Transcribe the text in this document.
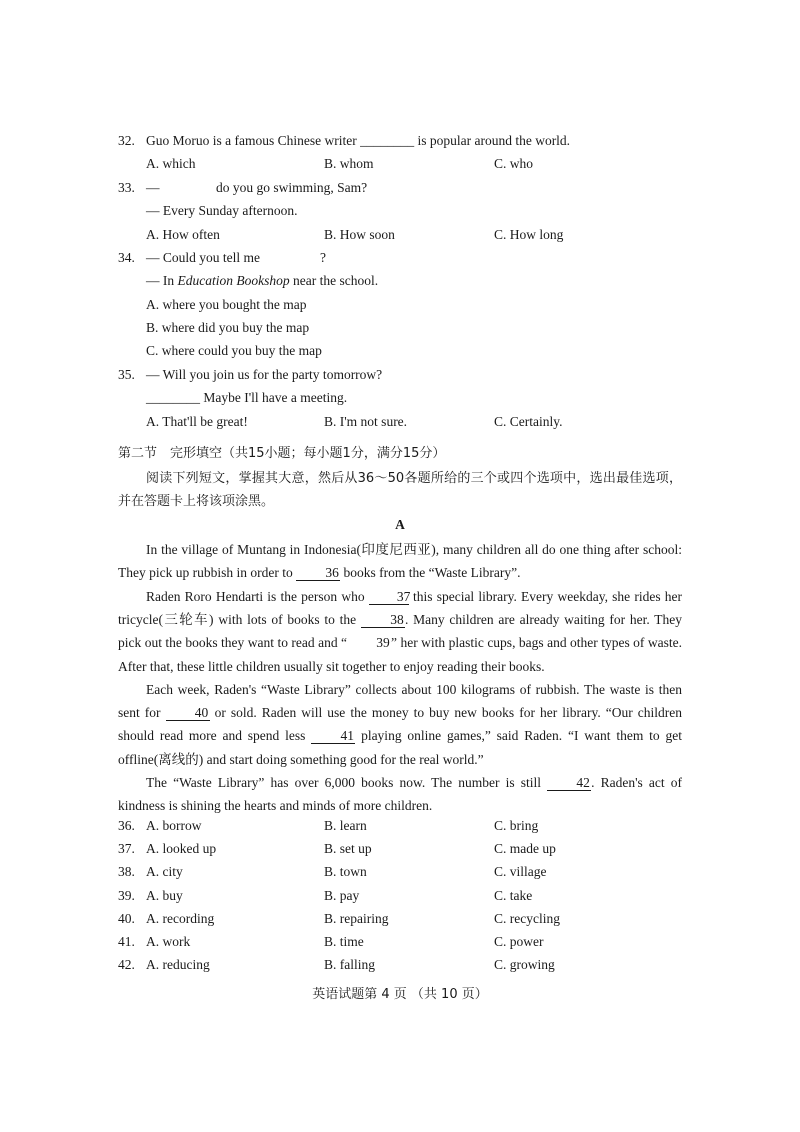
32. Guo Moruo is a famous Chinese writer ________ is popular around the world.
A. which	B. whom	C. who
33. —	do you go swimming, Sam?
— Every Sunday afternoon.
A. How often	B. How soon	C. How long
34. — Could you tell me	?
— In Education Bookshop near the school.
A. where you bought the map
B. where did you buy the map
C. where could you buy the map
35. — Will you join us for the party tomorrow?
________ Maybe I'll have a meeting.
A. That'll be great!	B. I'm not sure.	C. Certainly.
第二节　完形填空（共15小题；每小题1分，满分15分）
阅读下列短文，掌握其大意，然后从36～50各题所给的三个或四个选项中，选出最佳选项，并在答题卡上将该项涂黑。
A
In the village of Muntang in Indonesia(印度尼西亚), many children all do one thing after school: They pick up rubbish in order to 36 books from the “Waste Library”.
Raden Roro Hendarti is the person who 37 this special library. Every weekday, she rides her tricycle(三轮车) with lots of books to the 38. Many children are already waiting for her. They pick out the books they want to read and “ 39” her with plastic cups, bags and other types of waste. After that, these little children usually sit together to enjoy reading their books.
Each week, Raden's “Waste Library” collects about 100 kilograms of rubbish. The waste is then sent for 40 or sold. Raden will use the money to buy new books for her library. “Our children should read more and spend less 41 playing online games,” said Raden. “I want them to get offline(离线的) and start doing something good for the real world.”
The “Waste Library” has over 6,000 books now. The number is still 42. Raden's act of kindness is shining the hearts and minds of more children.
36. A. borrow	B. learn	C. bring
37. A. looked up	B. set up	C. made up
38. A. city	B. town	C. village
39. A. buy	B. pay	C. take
40. A. recording	B. repairing	C. recycling
41. A. work	B. time	C. power
42. A. reducing	B. falling	C. growing
英语试题第 4 页 （共 10 页）
